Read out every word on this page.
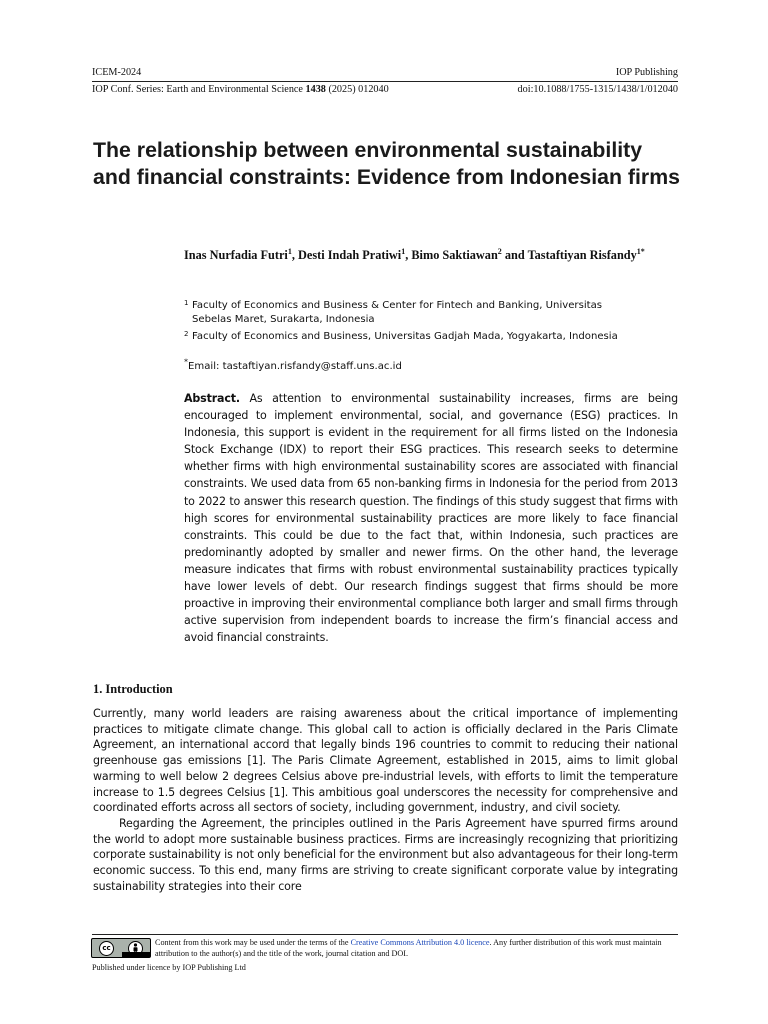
ICEM-2024	IOP Publishing
IOP Conf. Series: Earth and Environmental Science 1438 (2025) 012040	doi:10.1088/1755-1315/1438/1/012040
The relationship between environmental sustainability and financial constraints: Evidence from Indonesian firms

Inas Nurfadia Futri$^1$, Desti Indah Pratiwi$^1$, Bimo Saktiawan$^2$ and Tastaftiyan Risfandy$^{1*}$

1 Faculty of Economics and Business & Center for Fintech and Banking, Universitas
Sebelas Maret, Surakarta, Indonesia

2 Faculty of Economics and Business, Universitas Gadjah Mada, Yogyakarta, Indonesia

*Email: tastaftiyan.risfandy@staff.uns.ac.id

Abstract. As attention to environmental sustainability increases, firms are being encouraged to implement environmental, social, and governance (ESG) practices. In Indonesia, this support is evident in the requirement for all firms listed on the Indonesia Stock Exchange (IDX) to report their ESG practices. This research seeks to determine whether firms with high environmental sustainability scores are associated with financial constraints. We used data from 65 non-banking firms in Indonesia for the period from 2013 to 2022 to answer this research question. The findings of this study suggest that firms with high scores for environmental sustainability practices are more likely to face financial constraints. This could be due to the fact that, within Indonesia, such practices are predominantly adopted by smaller and newer firms. On the other hand, the leverage measure indicates that firms with robust environmental sustainability practices typically have lower levels of debt. Our research findings suggest that firms should be more proactive in improving their environmental compliance both larger and small firms through active supervision from independent boards to increase the firm’s financial access and avoid financial constraints.

1. Introduction

Currently, many world leaders are raising awareness about the critical importance of implementing practices to mitigate climate change. This global call to action is officially declared in the Paris Climate Agreement, an international accord that legally binds 196 countries to commit to reducing their national greenhouse gas emissions [1]. The Paris Climate Agreement, established in 2015, aims to limit global warming to well below 2 degrees Celsius above pre-industrial levels, with efforts to limit the temperature increase to 1.5 degrees Celsius [1]. This ambitious goal underscores the necessity for comprehensive and coordinated efforts across all sectors of society, including government, industry, and civil society.

Regarding the Agreement, the principles outlined in the Paris Agreement have spurred firms around the world to adopt more sustainable business practices. Firms are increasingly recognizing that prioritizing corporate sustainability is not only beneficial for the environment but also advantageous for their long-term economic success. To this end, many firms are striving to create significant corporate value by integrating sustainability strategies into their core

cc

Content from this work may be used under the terms of the Creative Commons Attribution 4.0 licence. Any further distribution of this work must maintain attribution to the author(s) and the title of the work, journal citation and DOI.

Published under licence by IOP Publishing Ltd
